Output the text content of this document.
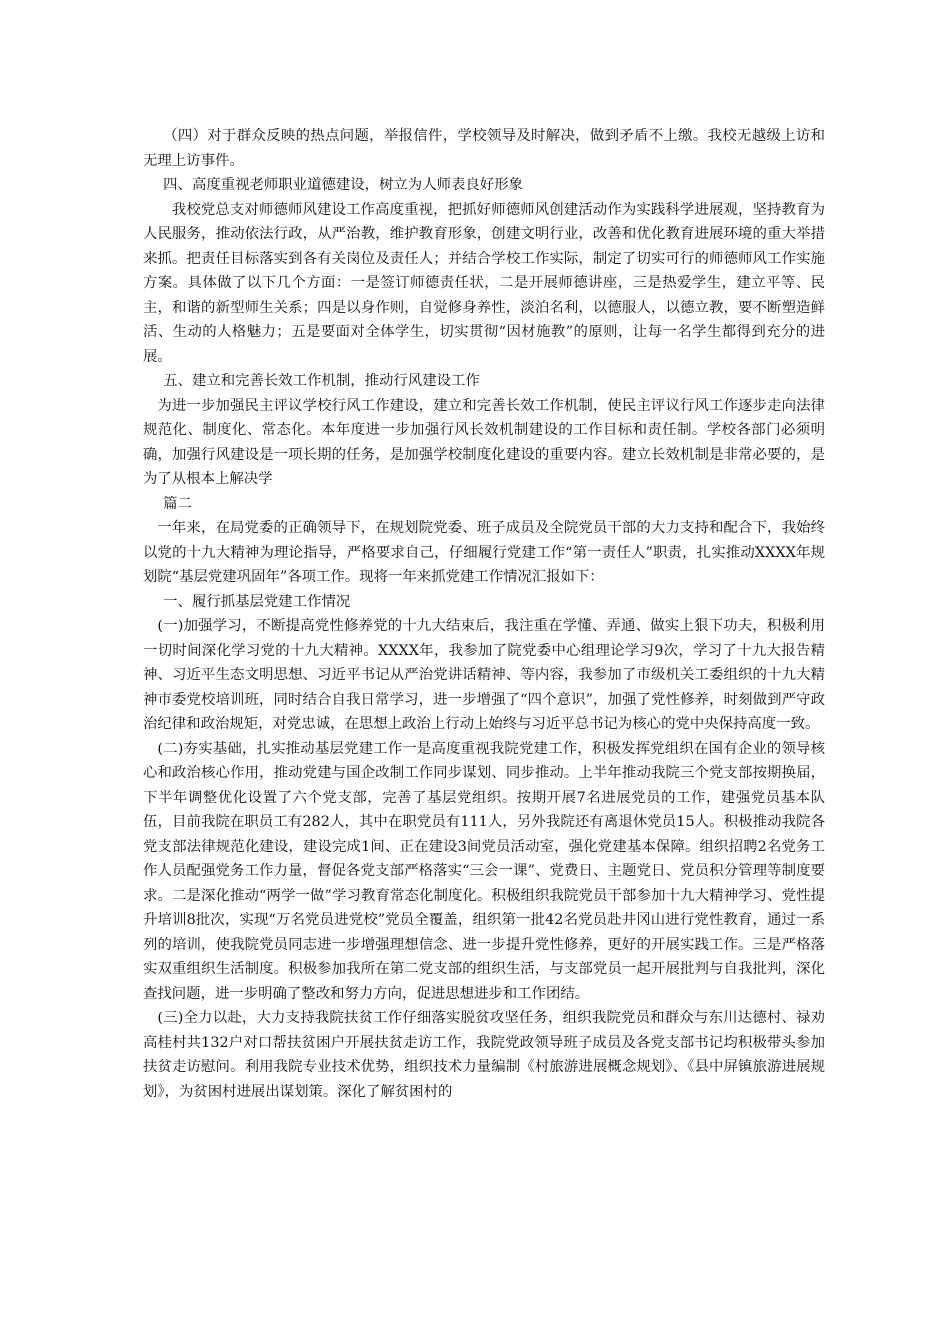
（四）对于群众反映的热点问题，举报信件，学校领导及时解决，做到矛盾不上缴。我校无越级上访和无理上访事件。

四、高度重视老师职业道德建设，树立为人师表良好形象

我校党总支对师德师风建设工作高度重视，把抓好师德师风创建活动作为实践科学进展观，坚持教育为人民服务，推动依法行政，从严治教，维护教育形象，创建文明行业，改善和优化教育进展环境的重大举措来抓。把责任目标落实到各有关岗位及责任人；并结合学校工作实际，制定了切实可行的师德师风工作实施方案。具体做了以下几个方面：一是签订师德责任状，二是开展师德讲座，三是热爱学生，建立平等、民主，和谐的新型师生关系；四是以身作则，自觉修身养性，淡泊名利，以德服人，以德立教，要不断塑造鲜活、生动的人格魅力；五是要面对全体学生，切实贯彻“因材施教”的原则，让每一名学生都得到充分的进展。

五、建立和完善长效工作机制，推动行风建设工作

为进一步加强民主评议学校行风工作建设，建立和完善长效工作机制，使民主评议行风工作逐步走向法律规范化、制度化、常态化。本年度进一步加强行风长效机制建设的工作目标和责任制。学校各部门必须明确，加强行风建设是一项长期的任务，是加强学校制度化建设的重要内容。建立长效机制是非常必要的，是为了从根本上解决学

篇二

一年来，在局党委的正确领导下，在规划院党委、班子成员及全院党员干部的大力支持和配合下，我始终以党的十九大精神为理论指导，严格要求自己，仔细履行党建工作“第一责任人”职责，扎实推动XXXX年规划院“基层党建巩固年”各项工作。现将一年来抓党建工作情况汇报如下：

一、履行抓基层党建工作情况

(一)加强学习，不断提高党性修养党的十九大结束后，我注重在学懂、弄通、做实上狠下功夫，积极利用一切时间深化学习党的十九大精神。XXXX年，我参加了院党委中心组理论学习9次，学习了十九大报告精神、习近平生态文明思想、习近平书记从严治党讲话精神、等内容，我参加了市级机关工委组织的十九大精神市委党校培训班，同时结合自我日常学习，进一步增强了“四个意识”，加强了党性修养，时刻做到严守政治纪律和政治规矩，对党忠诚，在思想上政治上行动上始终与习近平总书记为核心的党中央保持高度一致。

(二)夯实基础，扎实推动基层党建工作一是高度重视我院党建工作，积极发挥党组织在国有企业的领导核心和政治核心作用，推动党建与国企改制工作同步谋划、同步推动。上半年推动我院三个党支部按期换届，下半年调整优化设置了六个党支部，完善了基层党组织。按期开展7名进展党员的工作，建强党员基本队伍，目前我院在职员工有282人，其中在职党员有111人，另外我院还有离退休党员15人。积极推动我院各党支部法律规范化建设，建设完成1间、正在建设3间党员活动室，强化党建基本保障。组织招聘2名党务工作人员配强党务工作力量，督促各党支部严格落实“三会一课”、党费日、主题党日、党员积分管理等制度要求。二是深化推动“两学一做”学习教育常态化制度化。积极组织我院党员干部参加十九大精神学习、党性提升培训8批次，实现“万名党员进党校”党员全覆盖，组织第一批42名党员赴井冈山进行党性教育，通过一系列的培训，使我院党员同志进一步增强理想信念、进一步提升党性修养，更好的开展实践工作。三是严格落实双重组织生活制度。积极参加我所在第二党支部的组织生活，与支部党员一起开展批判与自我批判，深化查找问题，进一步明确了整改和努力方向，促进思想进步和工作团结。

(三)全力以赴，大力支持我院扶贫工作仔细落实脱贫攻坚任务，组织我院党员和群众与东川达德村、禄劝高桂村共132户对口帮扶贫困户开展扶贫走访工作，我院党政领导班子成员及各党支部书记均积极带头参加扶贫走访慰问。利用我院专业技术优势，组织技术力量编制《村旅游进展概念规划》、《县中屏镇旅游进展规划》，为贫困村进展出谋划策。深化了解贫困村的
